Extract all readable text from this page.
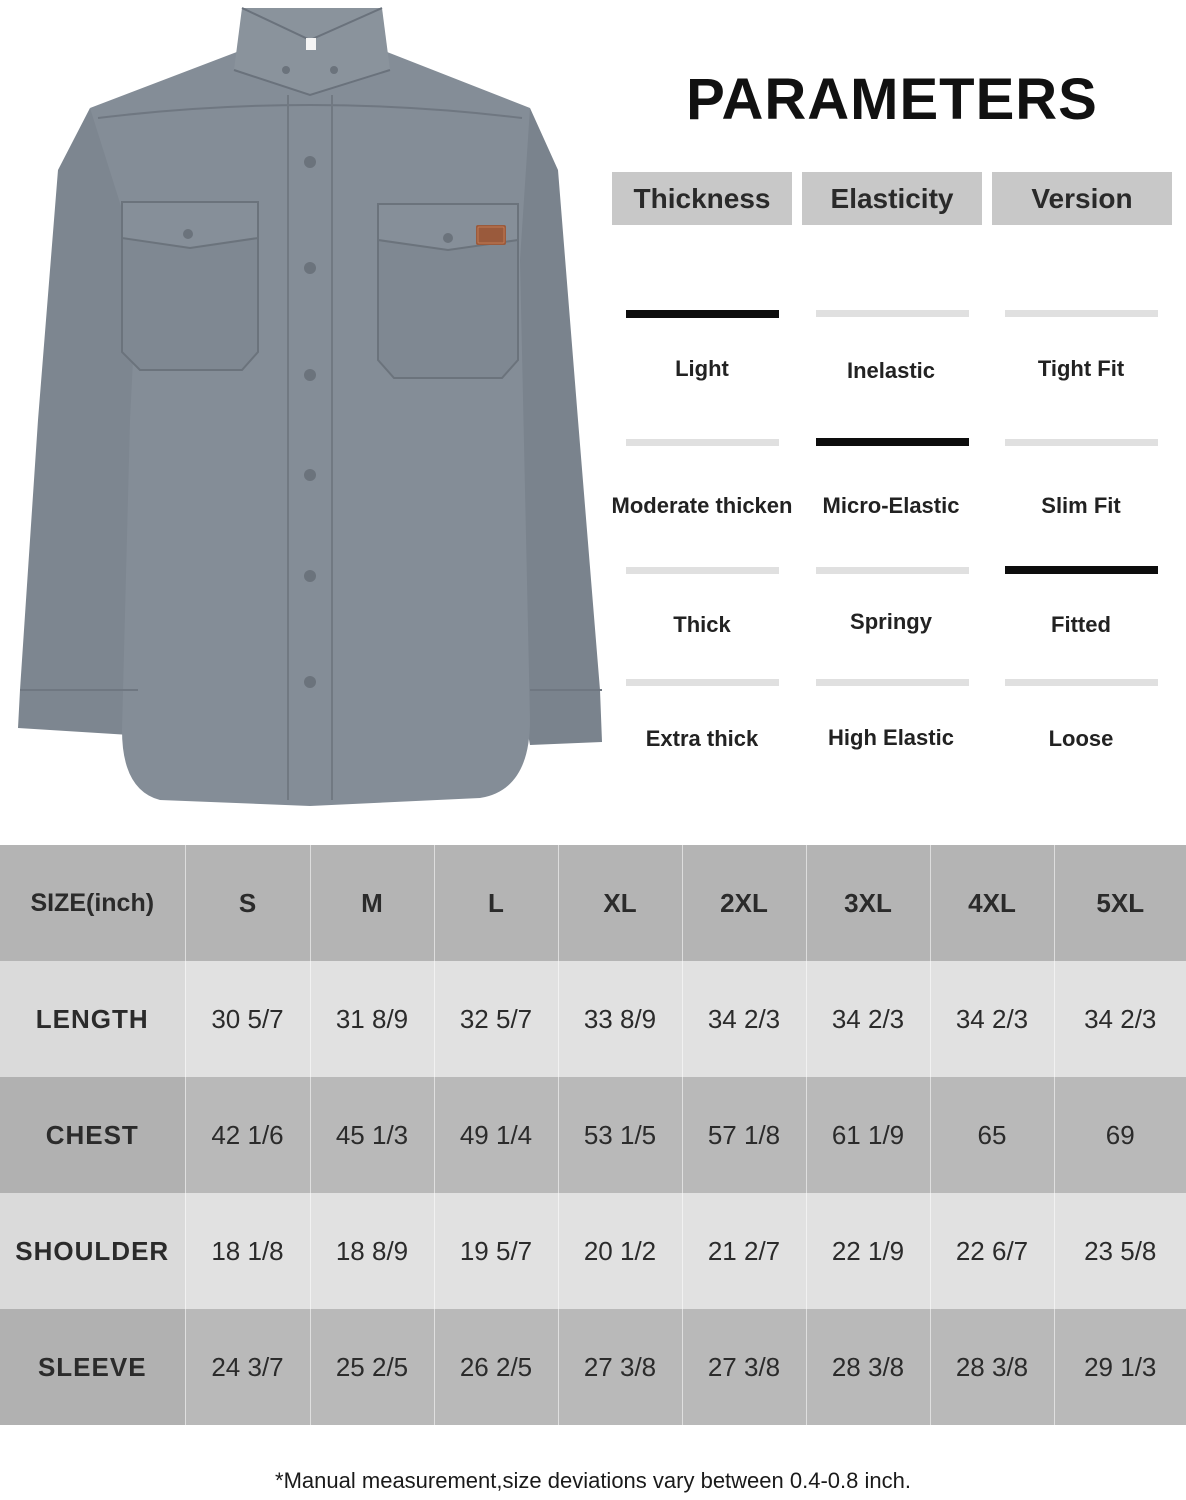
PARAMETERS
Thickness	Elasticity	Version
Light
Moderate thicken
Thick
Extra thick
Inelastic
Micro-Elastic
Springy
High Elastic
Tight Fit
Slim Fit
Fitted
Loose
SIZE(inch)	S	M	L	XL	2XL	3XL	4XL	5XL
LENGTH	30 5/7	31 8/9	32 5/7	33 8/9	34 2/3	34 2/3	34 2/3	34 2/3
CHEST	42 1/6	45 1/3	49 1/4	53 1/5	57 1/8	61 1/9	65	69
SHOULDER	18 1/8	18 8/9	19 5/7	20 1/2	21 2/7	22 1/9	22 6/7	23 5/8
SLEEVE	24 3/7	25 2/5	26 2/5	27 3/8	27 3/8	28 3/8	28 3/8	29 1/3
*Manual measurement,size deviations vary between 0.4-0.8 inch.
